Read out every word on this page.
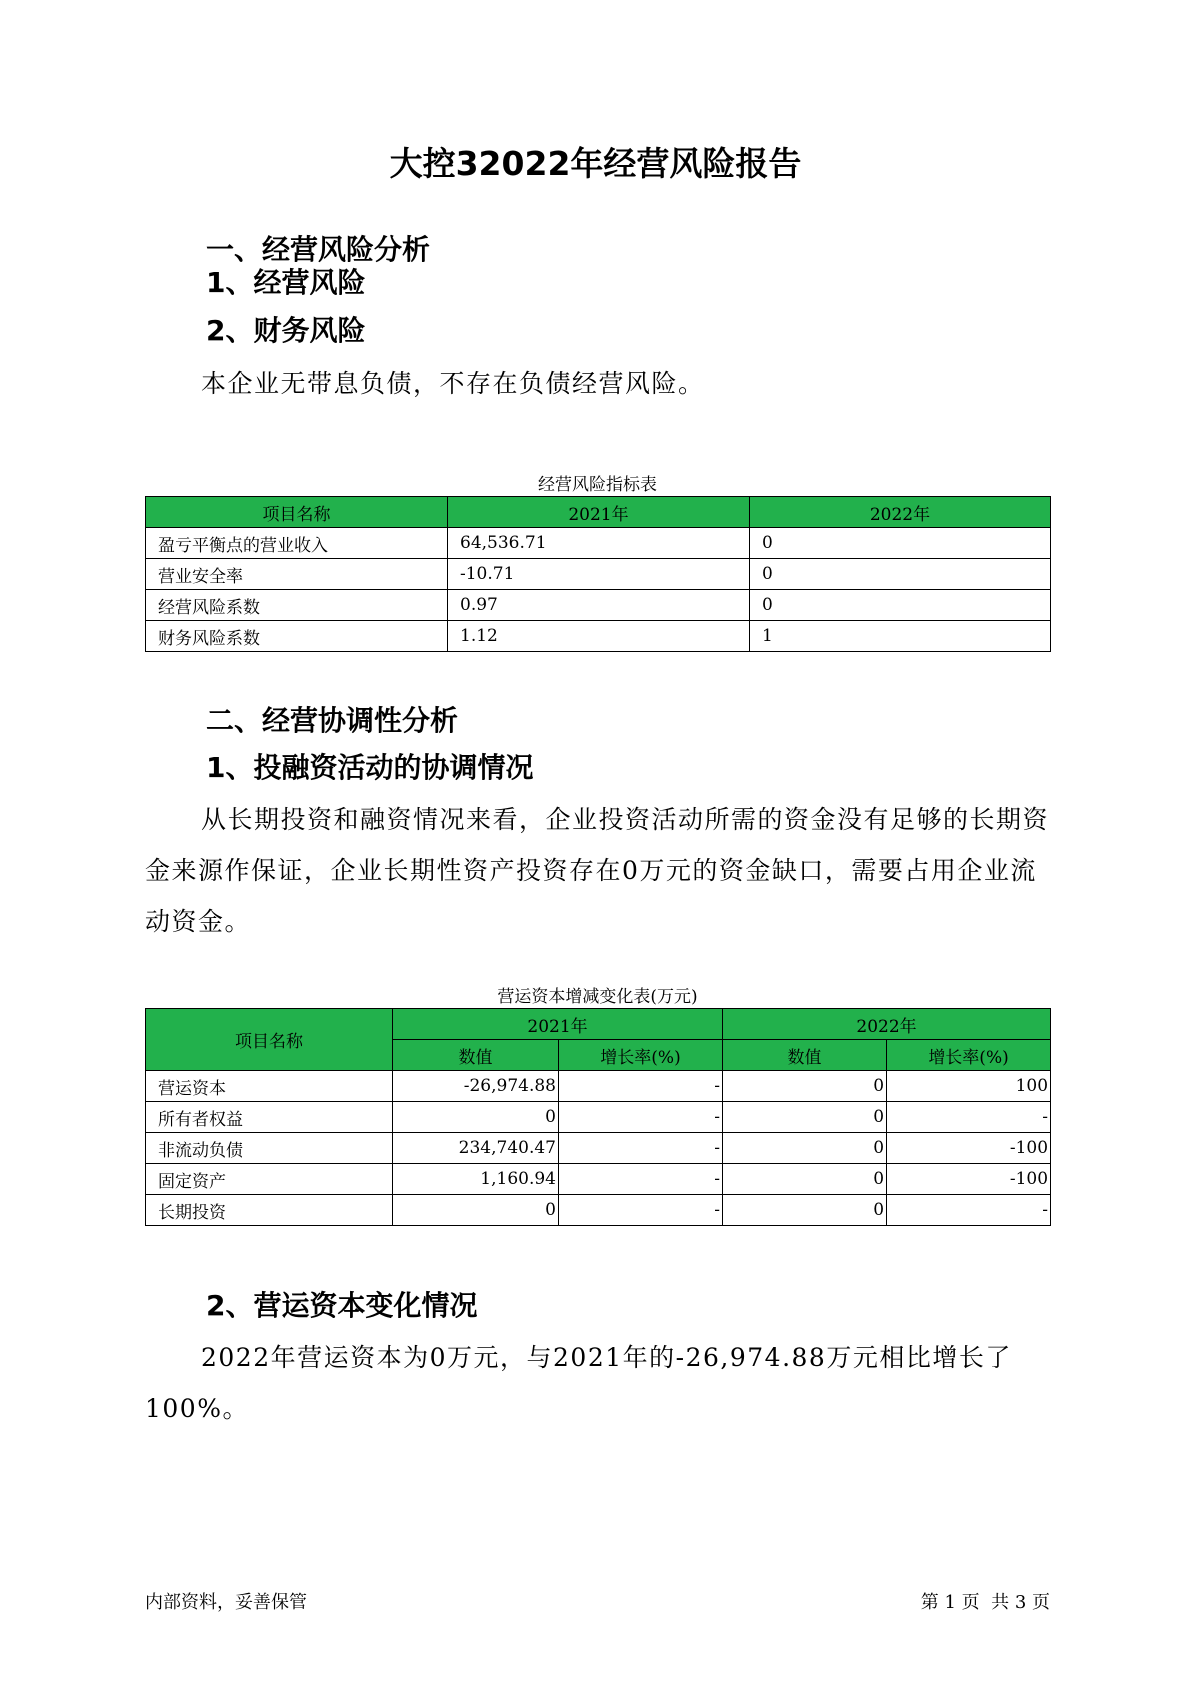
大控32022年经营风险报告
一、经营风险分析
1、经营风险
2、财务风险
本企业无带息负债，不存在负债经营风险。
经营风险指标表
项目名称	2021年	2022年
盈亏平衡点的营业收入	64,536.71	0
营业安全率	-10.71	0
经营风险系数	0.97	0
财务风险系数	1.12	1
二、经营协调性分析
1、投融资活动的协调情况
从长期投资和融资情况来看，企业投资活动所需的资金没有足够的长期资金来源作保证，企业长期性资产投资存在0万元的资金缺口，需要占用企业流动资金。
营运资本增减变化表(万元)
项目名称	2021年		2022年	
	数值	增长率(%)	数值	增长率(%)
营运资本	-26,974.88	-	0	100
所有者权益	0	-	0	-
非流动负债	234,740.47	-	0	-100
固定资产	1,160.94	-	0	-100
长期投资	0	-	0	-
2、营运资本变化情况
2022年营运资本为0万元，与2021年的-26,974.88万元相比增长了100%。
内部资料，妥善保管	第 1 页  共 3 页
